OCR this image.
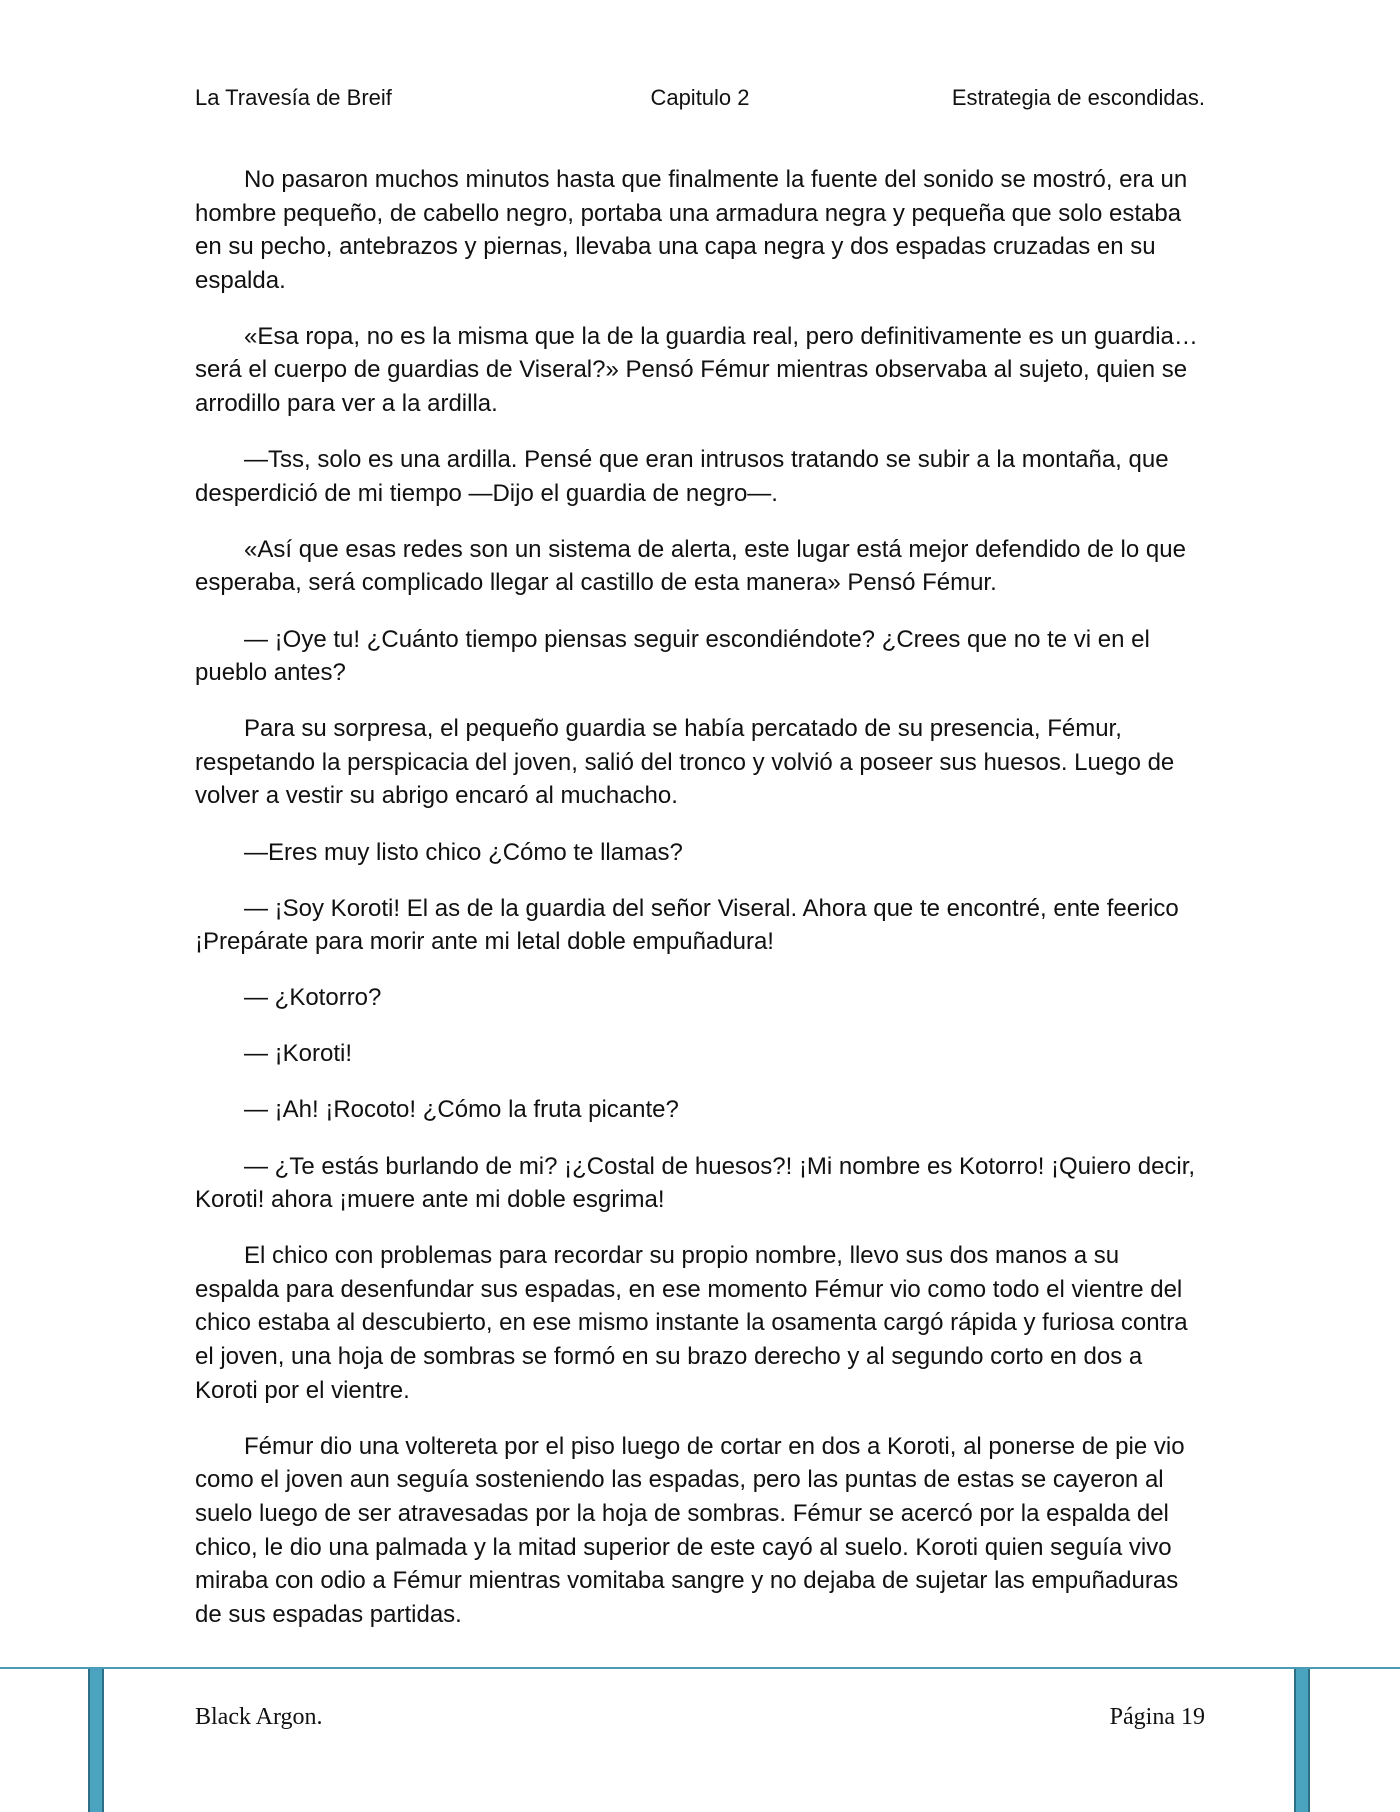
La Travesía de Breif	Capitulo 2	Estrategia de escondidas.

No pasaron muchos minutos hasta que finalmente la fuente del sonido se mostró, era un hombre pequeño, de cabello negro, portaba una armadura negra y pequeña que solo estaba en su pecho, antebrazos y piernas, llevaba una capa negra y dos espadas cruzadas en su espalda.

«Esa ropa, no es la misma que la de la guardia real, pero definitivamente es un guardia… será el cuerpo de guardias de Viseral?» Pensó Fémur mientras observaba al sujeto, quien se arrodillo para ver a la ardilla.

—Tss, solo es una ardilla. Pensé que eran intrusos tratando se subir a la montaña, que desperdició de mi tiempo —Dijo el guardia de negro—.

«Así que esas redes son un sistema de alerta, este lugar está mejor defendido de lo que esperaba, será complicado llegar al castillo de esta manera» Pensó Fémur.

— ¡Oye tu! ¿Cuánto tiempo piensas seguir escondiéndote? ¿Crees que no te vi en el pueblo antes?

Para su sorpresa, el pequeño guardia se había percatado de su presencia, Fémur, respetando la perspicacia del joven, salió del tronco y volvió a poseer sus huesos. Luego de volver a vestir su abrigo encaró al muchacho.

—Eres muy listo chico ¿Cómo te llamas?

— ¡Soy Koroti! El as de la guardia del señor Viseral. Ahora que te encontré, ente feerico ¡Prepárate para morir ante mi letal doble empuñadura!

— ¿Kotorro?

— ¡Koroti!

— ¡Ah! ¡Rocoto! ¿Cómo la fruta picante?

— ¿Te estás burlando de mi? ¡¿Costal de huesos?! ¡Mi nombre es Kotorro! ¡Quiero decir, Koroti! ahora ¡muere ante mi doble esgrima!

El chico con problemas para recordar su propio nombre, llevo sus dos manos a su espalda para desenfundar sus espadas, en ese momento Fémur vio como todo el vientre del chico estaba al descubierto, en ese mismo instante la osamenta cargó rápida y furiosa contra el joven, una hoja de sombras se formó en su brazo derecho y al segundo corto en dos a Koroti por el vientre.

Fémur dio una voltereta por el piso luego de cortar en dos a Koroti, al ponerse de pie vio como el joven aun seguía sosteniendo las espadas, pero las puntas de estas se cayeron al suelo luego de ser atravesadas por la hoja de sombras. Fémur se acercó por la espalda del chico, le dio una palmada y la mitad superior de este cayó al suelo. Koroti quien seguía vivo miraba con odio a Fémur mientras vomitaba sangre y no dejaba de sujetar las empuñaduras de sus espadas partidas.

Black Argon.	Página 19
